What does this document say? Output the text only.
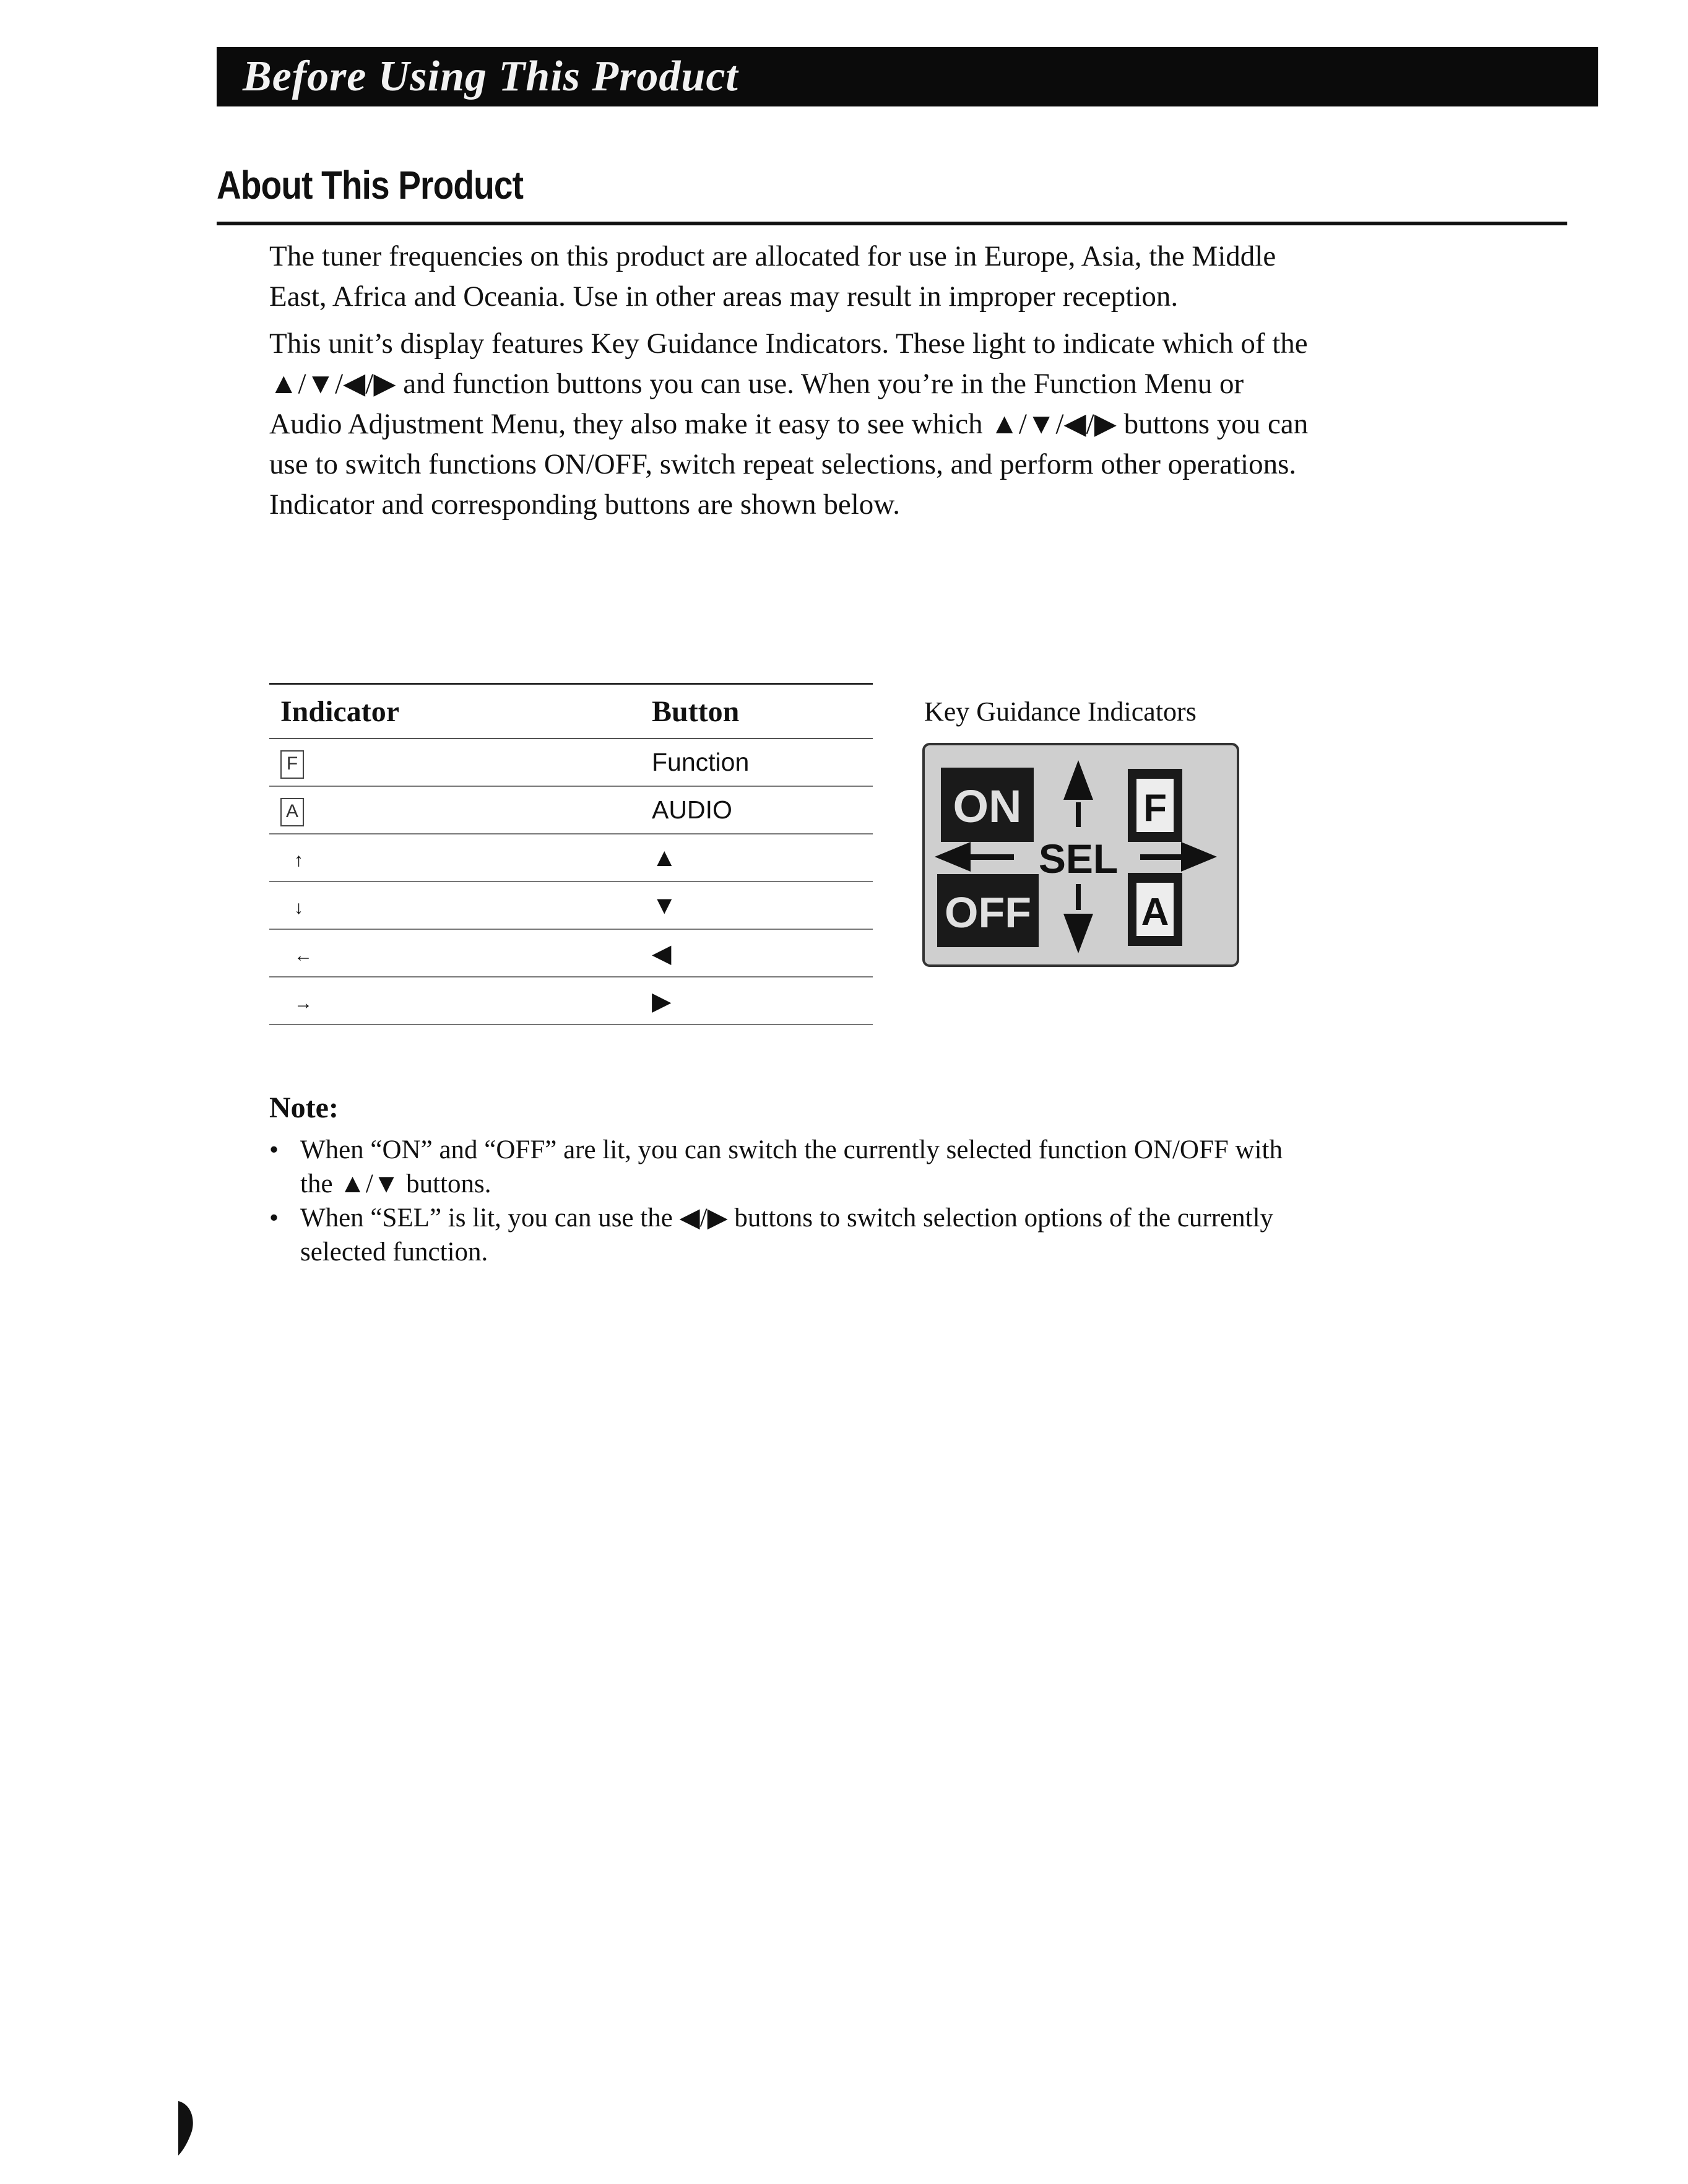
Before Using This Product
About This Product

The tuner frequencies on this product are allocated for use in Europe, Asia, the Middle East, Africa and Oceania. Use in other areas may result in improper reception.

This unit’s display features Key Guidance Indicators. These light to indicate which of the ▲/▼/◀/▶ and function buttons you can use. When you’re in the Function Menu or Audio Adjustment Menu, they also make it easy to see which ▲/▼/◀/▶ buttons you can use to switch functions ON/OFF, switch repeat selections, and perform other operations. Indicator and corresponding buttons are shown below.

Indicator	Button
F	Function
A	AUDIO
↑	▲
↓	▼
←	◀
→	▶
Key Guidance Indicators
ON
OFF
F
A
SEL
Note:
• When “ON” and “OFF” are lit, you can switch the currently selected function ON/OFF with the ▲/▼ buttons.
• When “SEL” is lit, you can use the ◀/▶ buttons to switch selection options of the currently selected function.
